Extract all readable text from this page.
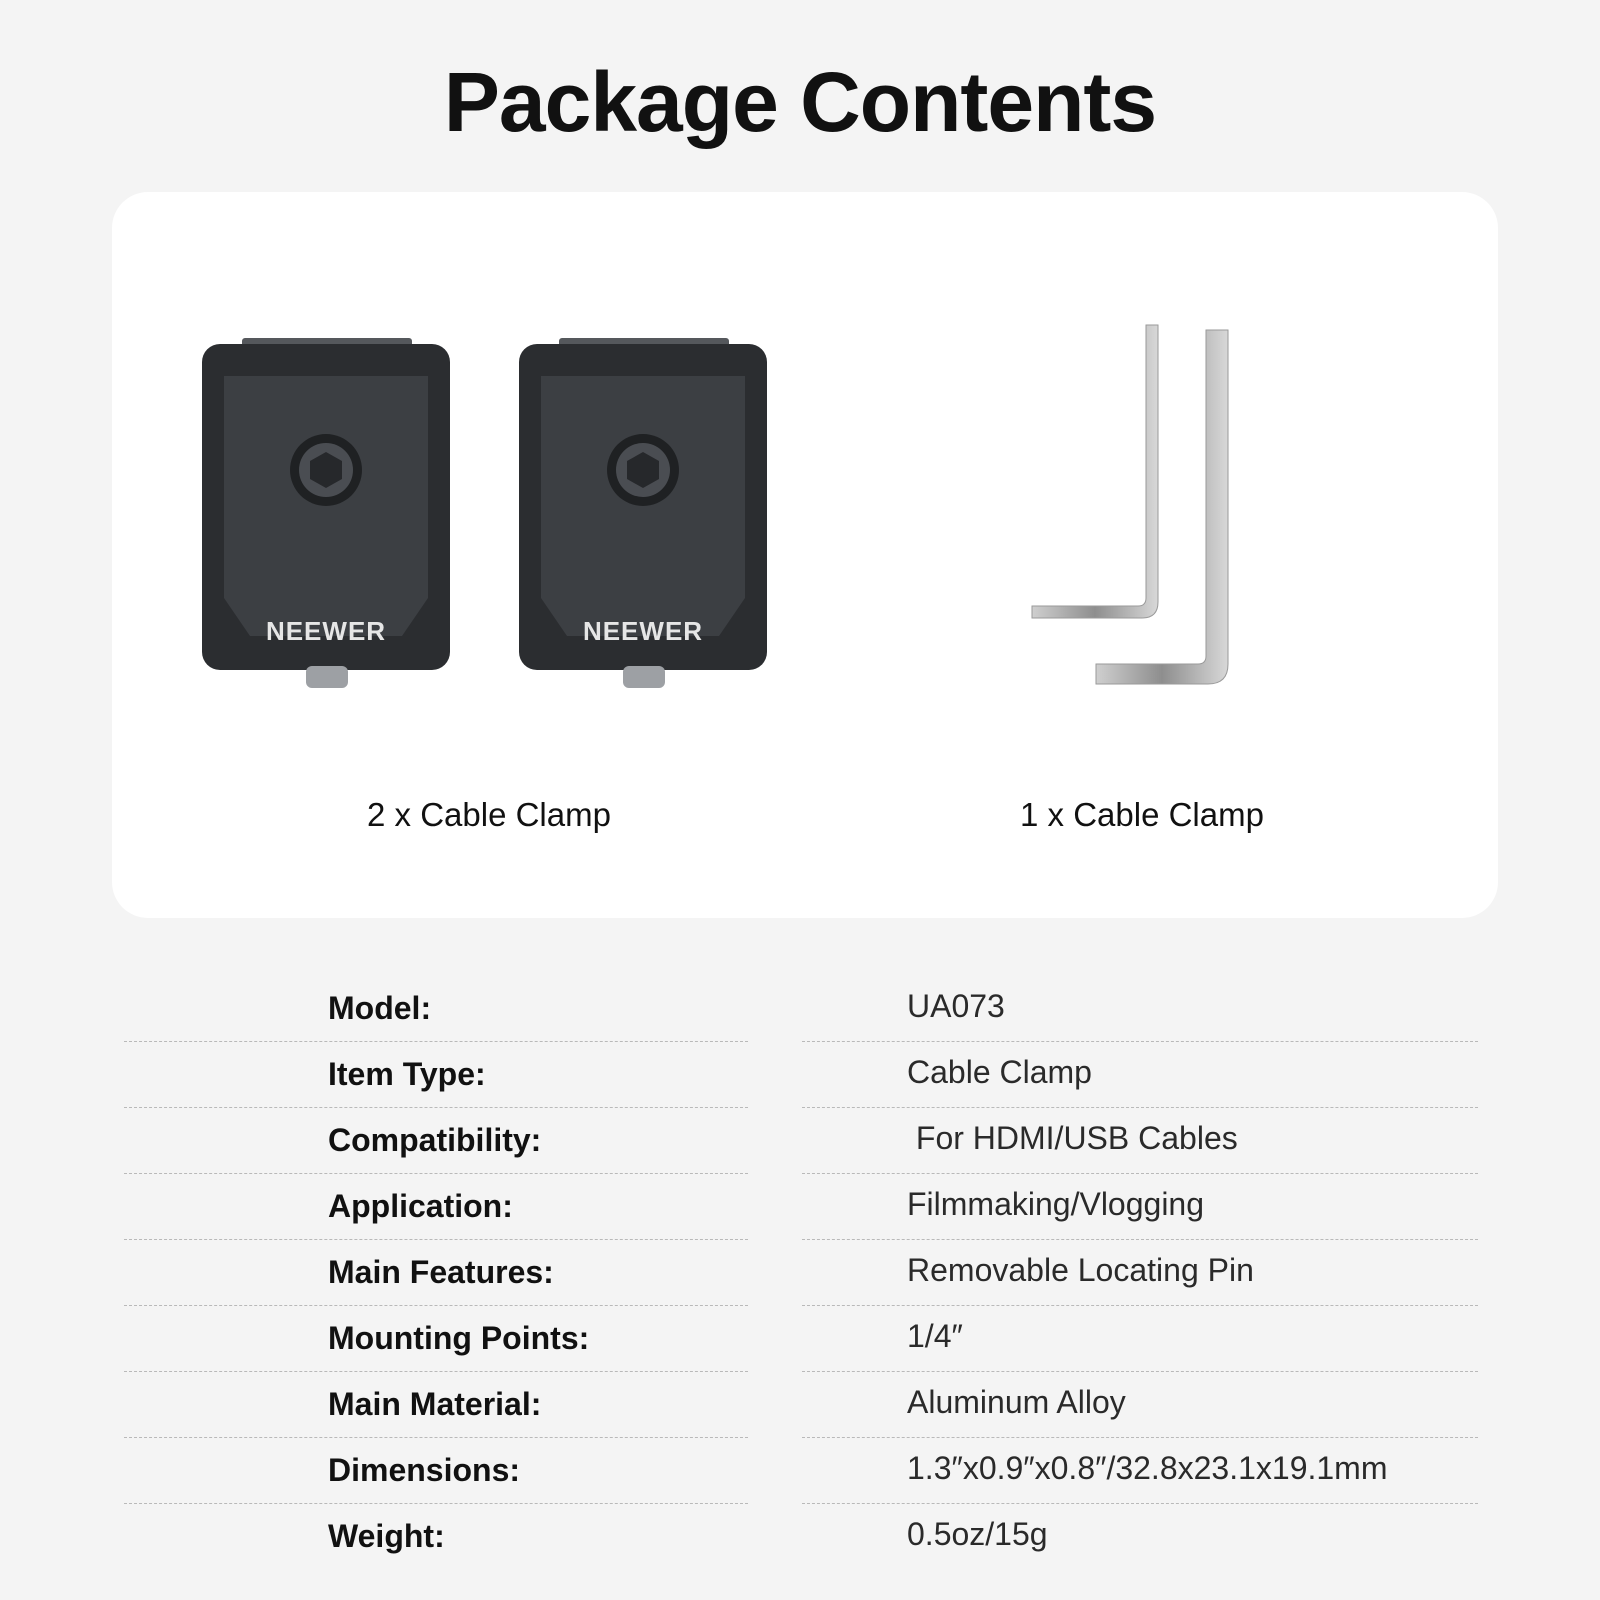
Package Contents
NEEWER	NEEWER
2 x Cable Clamp	1 x Cable Clamp
Model:	UA073
Item Type:	Cable Clamp
Compatibility:	For HDMI/USB Cables
Application:	Filmmaking/Vlogging
Main Features:	Removable Locating Pin
Mounting Points:	1/4″
Main Material:	Aluminum Alloy
Dimensions:	1.3″x0.9″x0.8″/32.8x23.1x19.1mm
Weight:	0.5oz/15g
